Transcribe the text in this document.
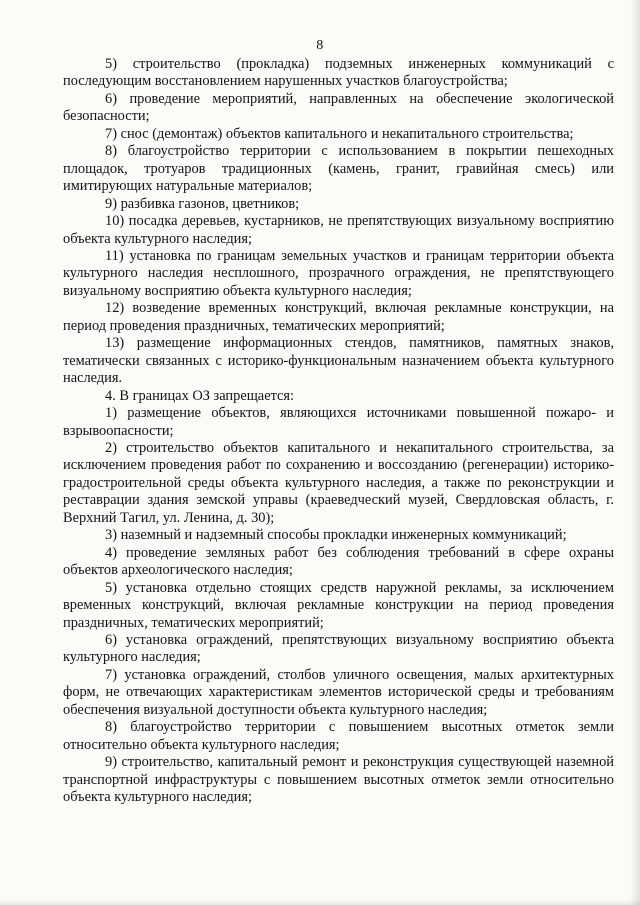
8

5) строительство (прокладка) подземных инженерных коммуникаций с последующим восстановлением нарушенных участков благоустройства;

6) проведение мероприятий, направленных на обеспечение экологической безопасности;

7) снос (демонтаж) объектов капитального и некапитального строительства;

8) благоустройство территории с использованием в покрытии пешеходных площадок, тротуаров традиционных (камень, гранит, гравийная смесь) или имитирующих натуральные материалов;

9) разбивка газонов, цветников;

10) посадка деревьев, кустарников, не препятствующих визуальному восприятию объекта культурного наследия;

11) установка по границам земельных участков и границам территории объекта культурного наследия несплошного, прозрачного ограждения, не препятствующего визуальному восприятию объекта культурного наследия;

12) возведение временных конструкций, включая рекламные конструкции, на период проведения праздничных, тематических мероприятий;

13) размещение информационных стендов, памятников, памятных знаков, тематически связанных с историко-функциональным назначением объекта культурного наследия.

4. В границах ОЗ запрещается:

1) размещение объектов, являющихся источниками повышенной пожаро- и взрывоопасности;

2) строительство объектов капитального и некапитального строительства, за исключением проведения работ по сохранению и воссозданию (регенерации) историко-градостроительной среды объекта культурного наследия, а также по реконструкции и реставрации здания земской управы (краеведческий музей, Свердловская область, г. Верхний Тагил, ул. Ленина, д. 30);

3) наземный и надземный способы прокладки инженерных коммуникаций;

4) проведение земляных работ без соблюдения требований в сфере охраны объектов археологического наследия;

5) установка отдельно стоящих средств наружной рекламы, за исключением временных конструкций, включая рекламные конструкции на период проведения праздничных, тематических мероприятий;

6) установка ограждений, препятствующих визуальному восприятию объекта культурного наследия;

7) установка ограждений, столбов уличного освещения, малых архитектурных форм, не отвечающих характеристикам элементов исторической среды и требованиям обеспечения визуальной доступности объекта культурного наследия;

8) благоустройство территории с повышением высотных отметок земли относительно объекта культурного наследия;

9) строительство, капитальный ремонт и реконструкция существующей наземной транспортной инфраструктуры с повышением высотных отметок земли относительно объекта культурного наследия;
